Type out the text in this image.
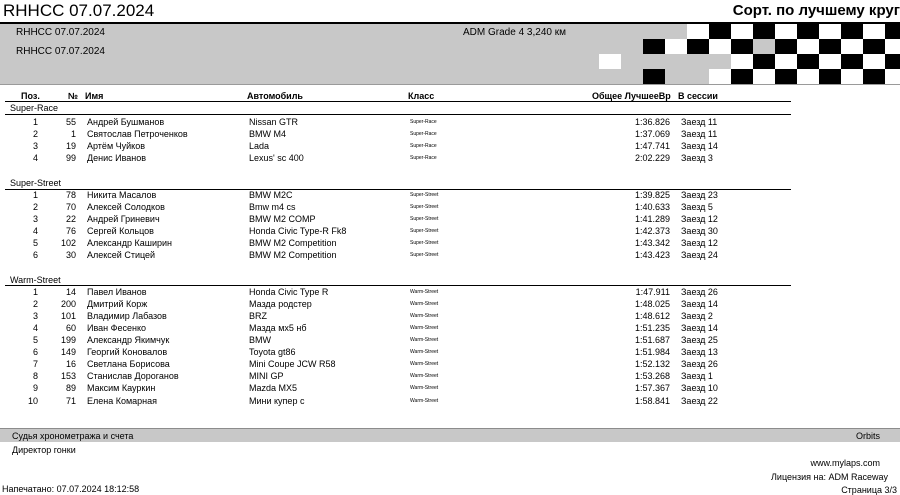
RHHCC 07.07.2024	Сорт. по лучшему круг
RHHCC 07.07.2024
RHHCC 07.07.2024
ADM Grade 4 3,240 км
Поз.	№ Имя	Автомобиль	Класс	Общее ЛучшееВр В сессии
Super-Race
1	55 Андрей Бушманов	Nissan GTR	Super-Race	1:36.826 Заезд 11
2	1 Святослав Петроченков	BMW M4	Super-Race	1:37.069 Заезд 11
3	19 Артём Чуйков	Lada	Super-Race	1:47.741 Заезд 14
4	99 Денис Иванов	Lexus' sc 400	Super-Race	2:02.229 Заезд 3
Super-Street
1	78 Никита Масалов	BMW M2C	Super-Street	1:39.825 Заезд 23
2	70 Алексей Солодков	Bmw m4 cs	Super-Street	1:40.633 Заезд 5
3	22 Андрей Гриневич	BMW M2 COMP	Super-Street	1:41.289 Заезд 12
4	76 Сергей Кольцов	Honda Civic Type-R Fk8	Super-Street	1:42.373 Заезд 30
5	102 Александр Каширин	BMW M2 Competition	Super-Street	1:43.342 Заезд 12
6	30 Алексей Стицей	BMW M2 Competition	Super-Street	1:43.423 Заезд 24
Warm-Street
1	14 Павел Иванов	Honda Civic Type R	Warm-Street	1:47.911 Заезд 26
2	200 Дмитрий Корж	Мазда родстер	Warm-Street	1:48.025 Заезд 14
3	101 Владимир Лабазов	BRZ	Warm-Street	1:48.612 Заезд 2
4	60 Иван Фесенко	Мазда мх5 нб	Warm-Street	1:51.235 Заезд 14
5	199 Александр Якимчук	BMW	Warm-Street	1:51.687 Заезд 25
6	149 Георгий Коновалов	Toyota gt86	Warm-Street	1:51.984 Заезд 13
7	16 Светлана Борисова	Mini Coupe JCW R58	Warm-Street	1:52.132 Заезд 26
8	153 Станислав Дороганов	MINI GP	Warm-Street	1:53.268 Заезд 1
9	89 Максим Кауркин	Mazda MX5	Warm-Street	1:57.367 Заезд 10
10	71 Елена Комарная	Мини купер с	Warm-Street	1:58.841 Заезд 22
Судья хронометража и счета	Orbits
Директор гонки
www.mylaps.com
Лицензия на: ADM Raceway
Напечатано: 07.07.2024 18:12:58	Страница 3/3
